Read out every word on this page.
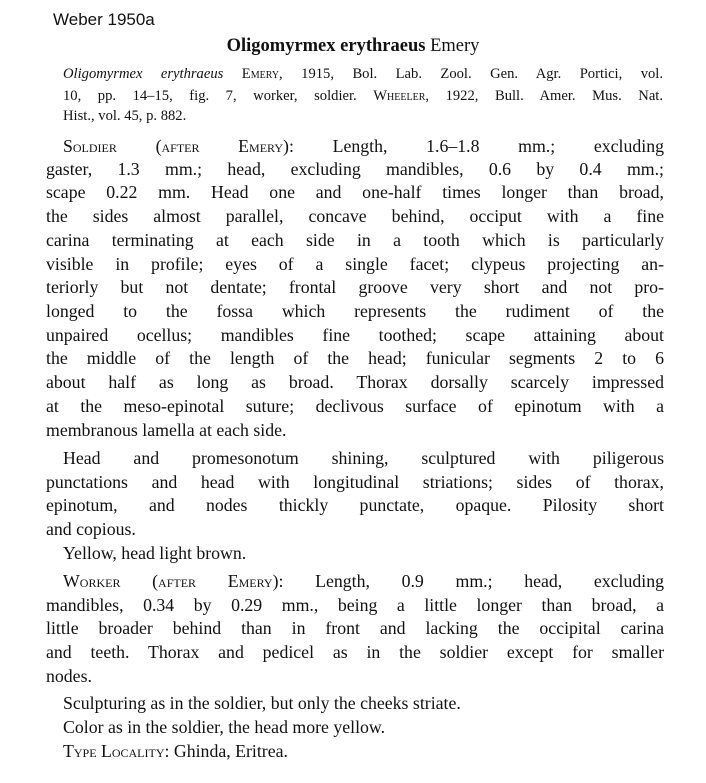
Weber 1950a
Oligomyrmex erythraeus Emery
Oligomyrmex erythraeus Emery, 1915, Bol. Lab. Zool. Gen. Agr. Portici, vol.
10, pp. 14–15, fig. 7, worker, soldier. Wheeler, 1922, Bull. Amer. Mus. Nat.
Hist., vol. 45, p. 882.
Soldier (after Emery): Length, 1.6–1.8 mm.; excluding
gaster, 1.3 mm.; head, excluding mandibles, 0.6 by 0.4 mm.;
scape 0.22 mm. Head one and one-half times longer than broad,
the sides almost parallel, concave behind, occiput with a fine
carina terminating at each side in a tooth which is particularly
visible in profile; eyes of a single facet; clypeus projecting an-
teriorly but not dentate; frontal groove very short and not pro-
longed to the fossa which represents the rudiment of the
unpaired ocellus; mandibles fine toothed; scape attaining about
the middle of the length of the head; funicular segments 2 to 6
about half as long as broad. Thorax dorsally scarcely impressed
at the meso-epinotal suture; declivous surface of epinotum with a
membranous lamella at each side.
Head and promesonotum shining, sculptured with piligerous
punctations and head with longitudinal striations; sides of thorax,
epinotum, and nodes thickly punctate, opaque. Pilosity short
and copious.
Yellow, head light brown.
Worker (after Emery): Length, 0.9 mm.; head, excluding
mandibles, 0.34 by 0.29 mm., being a little longer than broad, a
little broader behind than in front and lacking the occipital carina
and teeth. Thorax and pedicel as in the soldier except for smaller
nodes.
Sculpturing as in the soldier, but only the cheeks striate.
Color as in the soldier, the head more yellow.
Type Locality: Ghinda, Eritrea.
